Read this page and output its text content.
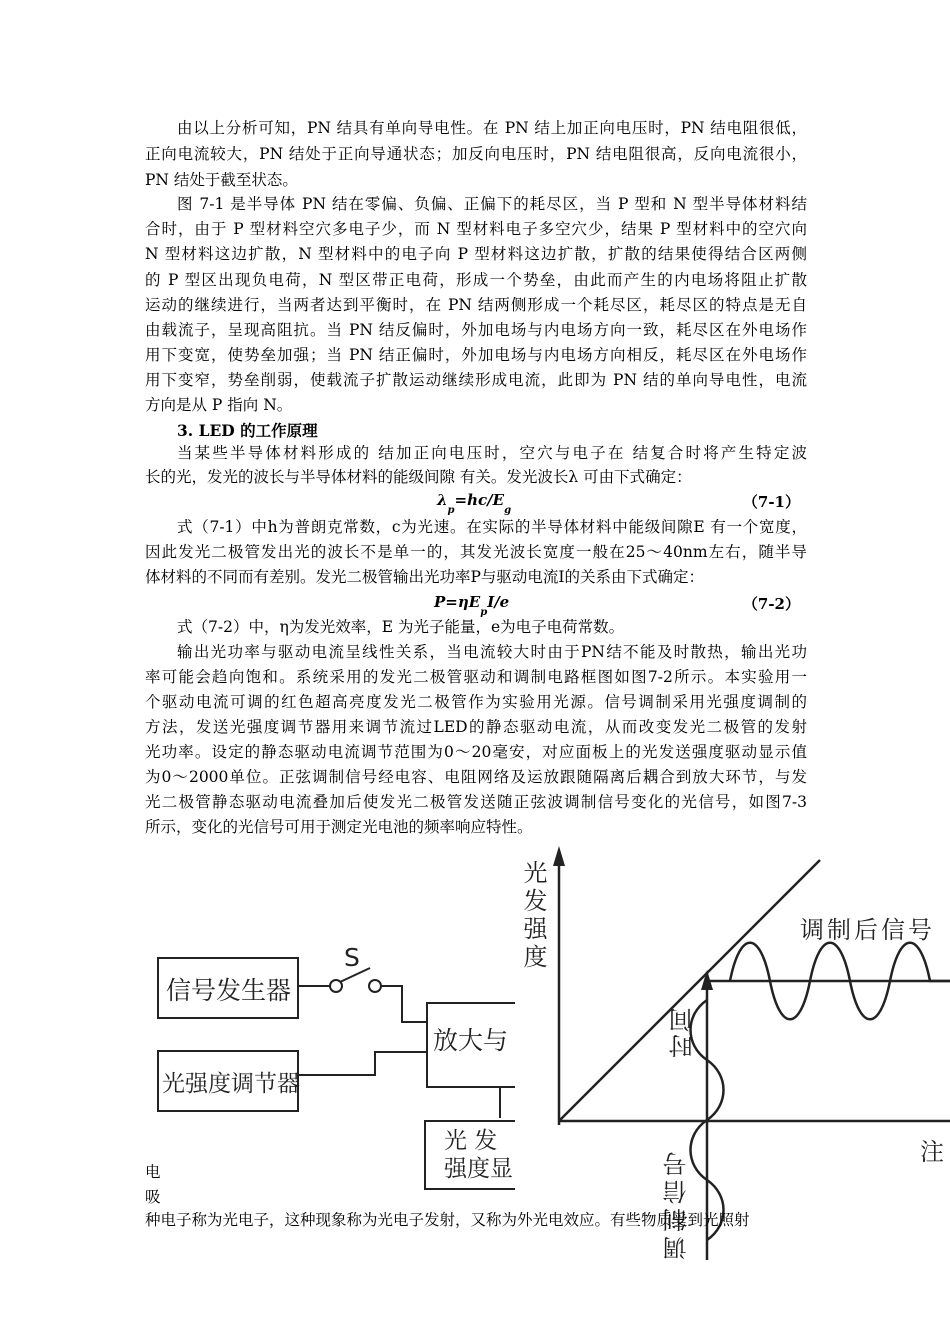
由以上分析可知，PN 结具有单向导电性。在 PN 结上加正向电压时，PN 结电阻很低，
正向电流较大，PN 结处于正向导通状态；加反向电压时，PN 结电阻很高，反向电流很小，
PN 结处于截至状态。
图 7-1 是半导体 PN 结在零偏、负偏、正偏下的耗尽区，当 P 型和 N 型半导体材料结
合时，由于 P 型材料空穴多电子少，而 N 型材料电子多空穴少，结果 P 型材料中的空穴向
N 型材料这边扩散，N 型材料中的电子向 P 型材料这边扩散，扩散的结果使得结合区两侧
的 P 型区出现负电荷，N 型区带正电荷，形成一个势垒，由此而产生的内电场将阻止扩散
运动的继续进行，当两者达到平衡时，在 PN 结两侧形成一个耗尽区，耗尽区的特点是无自
由载流子，呈现高阻抗。当 PN 结反偏时，外加电场与内电场方向一致，耗尽区在外电场作
用下变宽，使势垒加强；当 PN 结正偏时，外加电场与内电场方向相反，耗尽区在外电场作
用下变窄，势垒削弱，使载流子扩散运动继续形成电流，此即为 PN 结的单向导电性，电流
方向是从 P 指向 N。
3. LED 的工作原理
当某些半导体材料形成的 结加正向电压时，空穴与电子在 结复合时将产生特定波
长的光，发光的波长与半导体材料的能级间隙 有关。发光波长λ 可由下式确定：
$\lambda_p=hc/E_g$	（7-1）
式（7-1）中h为普朗克常数，c为光速。在实际的半导体材料中能级间隙E 有一个宽度，
因此发光二极管发出光的波长不是单一的，其发光波长宽度一般在25～40nm左右，随半导
体材料的不同而有差别。发光二极管输出光功率P与驱动电流I的关系由下式确定：
$P=\eta E_pI/e$	（7-2）
式（7-2）中，η为发光效率，E 为光子能量，e为电子电荷常数。
输出光功率与驱动电流呈线性关系，当电流较大时由于PN结不能及时散热，输出光功
率可能会趋向饱和。系统采用的发光二极管驱动和调制电路框图如图7-2所示。本实验用一
个驱动电流可调的红色超高亮度发光二极管作为实验用光源。信号调制采用光强度调制的
方法，发送光强度调节器用来调节流过LED的静态驱动电流，从而改变发光二极管的发射
光功率。设定的静态驱动电流调节范围为0～20毫安，对应面板上的光发送强度驱动显示值
为0～2000单位。正弦调制信号经电容、电阻网络及运放跟随隔离后耦合到放大环节，与发
光二极管静态驱动电流叠加后使发光二极管发送随正弦波调制信号变化的光信号，如图7-3
所示，变化的光信号可用于测定光电池的频率响应特性。
信号发生器
S
光强度调节器
放大与
光 发
强度显
光发强度	调制后信号
时间
调制信号	注
电
吸
种电子称为光电子，这种现象称为光电子发射，又称为外光电效应。有些物质受到光照射
